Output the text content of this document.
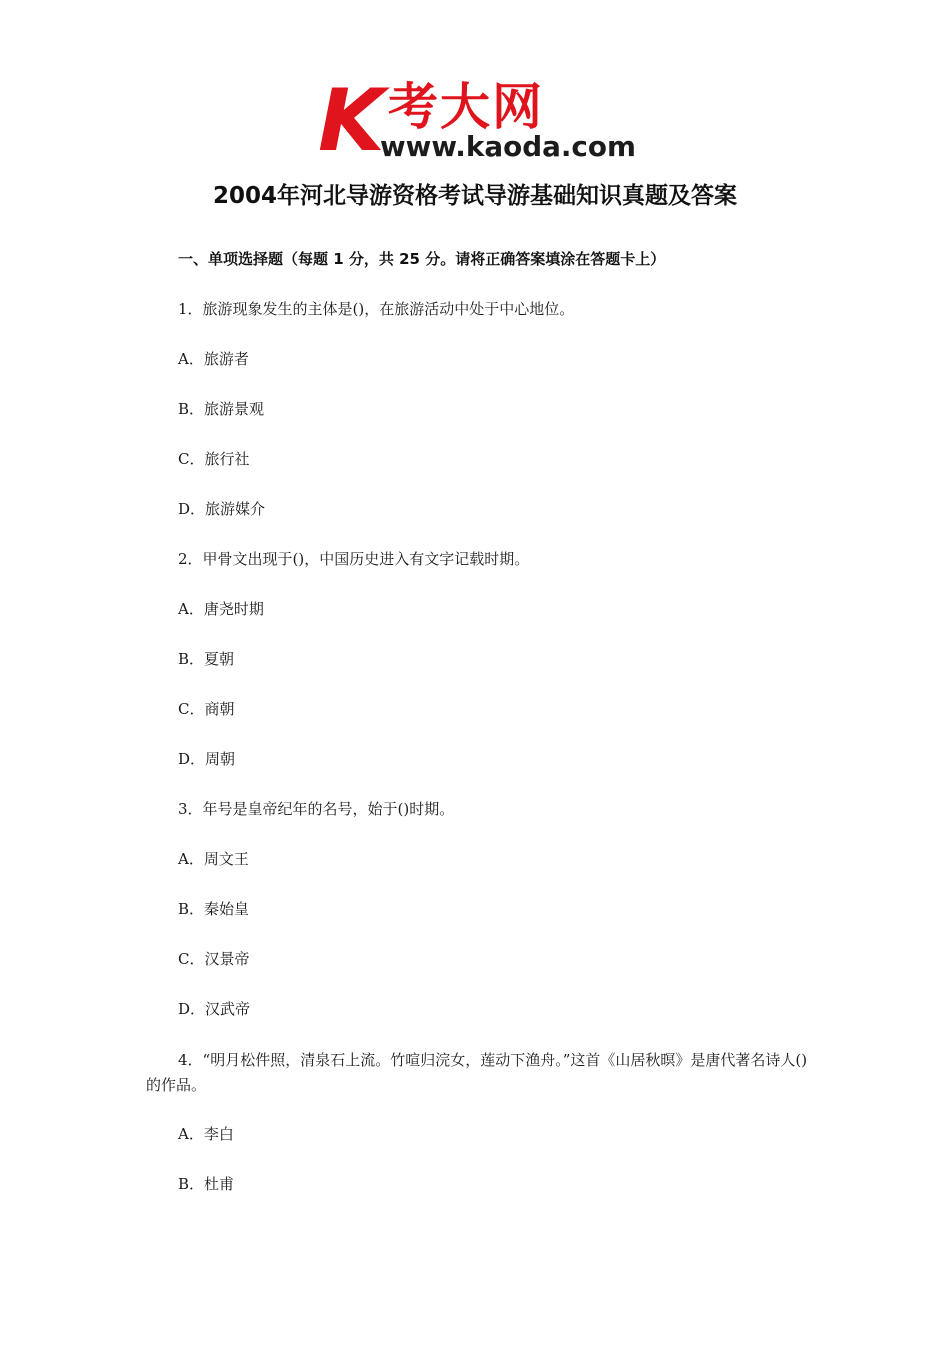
K 考大网
www.kaoda.com
2004年河北导游资格考试导游基础知识真题及答案
一、单项选择题（每题 1 分，共 25 分。请将正确答案填涂在答题卡上）
1．旅游现象发生的主体是()，在旅游活动中处于中心地位。
A．旅游者
B．旅游景观
C．旅行社
D．旅游媒介
2．甲骨文出现于()，中国历史进入有文字记载时期。
A．唐尧时期
B．夏朝
C．商朝
D．周朝
3．年号是皇帝纪年的名号，始于()时期。
A．周文王
B．秦始皇
C．汉景帝
D．汉武帝
4．“明月松件照，清泉石上流。竹喧归浣女，莲动下渔舟。”这首《山居秋暝》是唐代著名诗人()的作品。
A．李白
B．杜甫
